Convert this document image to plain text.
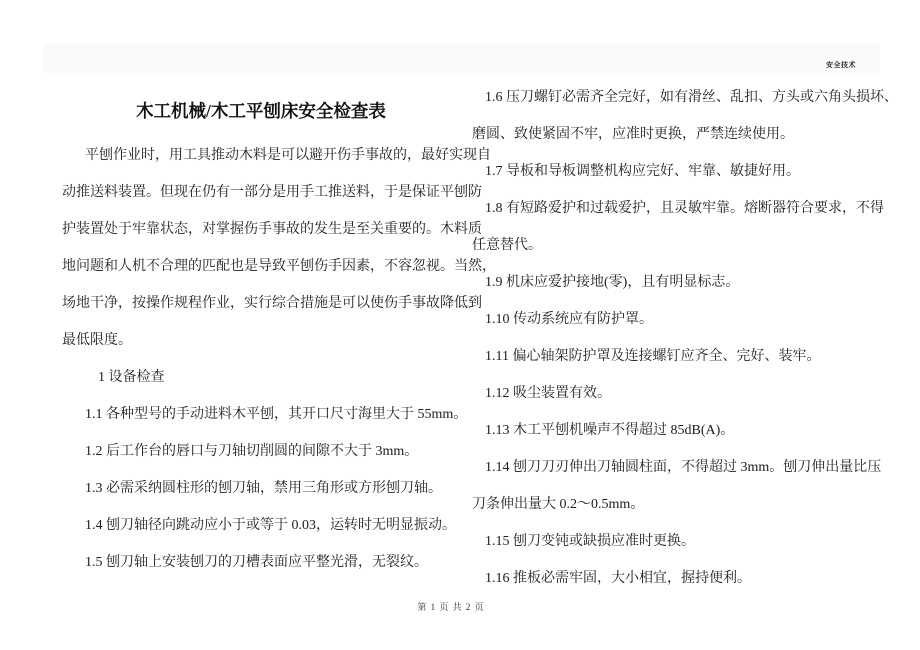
安全技术
木工机械/木工平刨床安全检查表
平刨作业时，用工具推动木料是可以避开伤手事故的，最好实现自
动推送料装置。但现在仍有一部分是用手工推送料，于是保证平刨防
护装置处于牢靠状态，对掌握伤手事故的发生是至关重要的。木料质
地问题和人机不合理的匹配也是导致平刨伤手因素，不容忽视。当然，
场地干净，按操作规程作业，实行综合措施是可以使伤手事故降低到
最低限度。
1 设备检查
1.1 各种型号的手动进料木平刨，其开口尺寸海里大于 55mm。
1.2 后工作台的唇口与刀轴切削圆的间隙不大于 3mm。
1.3 必需采纳圆柱形的刨刀轴，禁用三角形或方形刨刀轴。
1.4 刨刀轴径向跳动应小于或等于 0.03，运转时无明显振动。
1.5 刨刀轴上安装刨刀的刀槽表面应平整光滑，无裂纹。
1.6 压刀螺钉必需齐全完好，如有滑丝、乱扣、方头或六角头损坏、
磨圆、致使紧固不牢，应准时更换，严禁连续使用。
1.7 导板和导板调整机构应完好、牢靠、敏捷好用。
1.8 有短路爱护和过载爱护，且灵敏牢靠。熔断器符合要求，不得
任意替代。
1.9 机床应爱护接地(零)，且有明显标志。
1.10 传动系统应有防护罩。
1.11 偏心轴架防护罩及连接螺钉应齐全、完好、装牢。
1.12 吸尘装置有效。
1.13 木工平刨机噪声不得超过 85dB(A)。
1.14 刨刀刀刃伸出刀轴圆柱面，不得超过 3mm。刨刀伸出量比压
刀条伸出量大 0.2～0.5mm。
1.15 刨刀变钝或缺损应准时更换。
1.16 推板必需牢固，大小相宜，握持便利。
第 1 页 共 2 页
